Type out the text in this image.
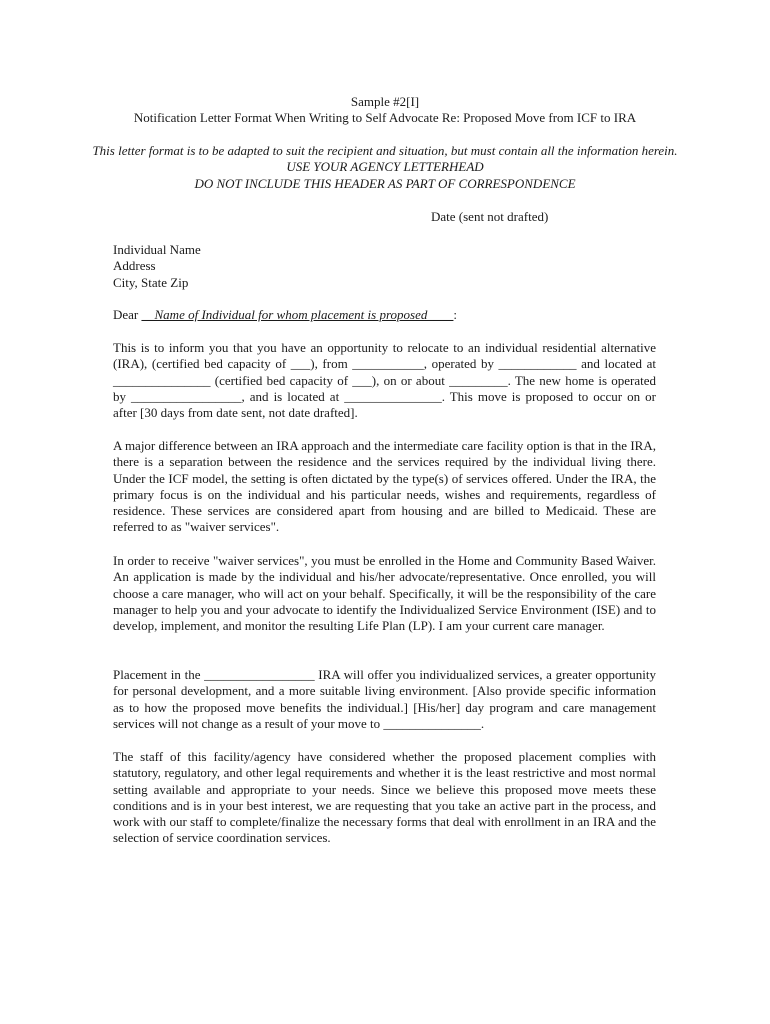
Sample #2[I]
Notification Letter Format When Writing to Self Advocate Re: Proposed Move from ICF to IRA
This letter format is to be adapted to suit the recipient and situation, but must contain all the information herein.
USE YOUR AGENCY LETTERHEAD
DO NOT INCLUDE THIS HEADER AS PART OF CORRESPONDENCE
Date (sent not drafted)
Individual Name
Address
City, State Zip
Dear __Name of Individual for whom placement is proposed____:
This is to inform you that you have an opportunity to relocate to an individual residential alternative (IRA), (certified bed capacity of ___), from ___________, operated by ____________ and located at _______________ (certified bed capacity of ___), on or about _________. The new home is operated by _________________, and is located at _______________. This move is proposed to occur on or after [30 days from date sent, not date drafted].
A major difference between an IRA approach and the intermediate care facility option is that in the IRA, there is a separation between the residence and the services required by the individual living there. Under the ICF model, the setting is often dictated by the type(s) of services offered. Under the IRA, the primary focus is on the individual and his particular needs, wishes and requirements, regardless of residence. These services are considered apart from housing and are billed to Medicaid. These are referred to as "waiver services".
In order to receive "waiver services", you must be enrolled in the Home and Community Based Waiver. An application is made by the individual and his/her advocate/representative. Once enrolled, you will choose a care manager, who will act on your behalf. Specifically, it will be the responsibility of the care manager to help you and your advocate to identify the Individualized Service Environment (ISE) and to develop, implement, and monitor the resulting Life Plan (LP). I am your current care manager.
Placement in the _________________ IRA will offer you individualized services, a greater opportunity for personal development, and a more suitable living environment. [Also provide specific information as to how the proposed move benefits the individual.] [His/her] day program and care management services will not change as a result of your move to _______________.
The staff of this facility/agency have considered whether the proposed placement complies with statutory, regulatory, and other legal requirements and whether it is the least restrictive and most normal setting available and appropriate to your needs. Since we believe this proposed move meets these conditions and is in your best interest, we are requesting that you take an active part in the process, and work with our staff to complete/finalize the necessary forms that deal with enrollment in an IRA and the selection of service coordination services.
